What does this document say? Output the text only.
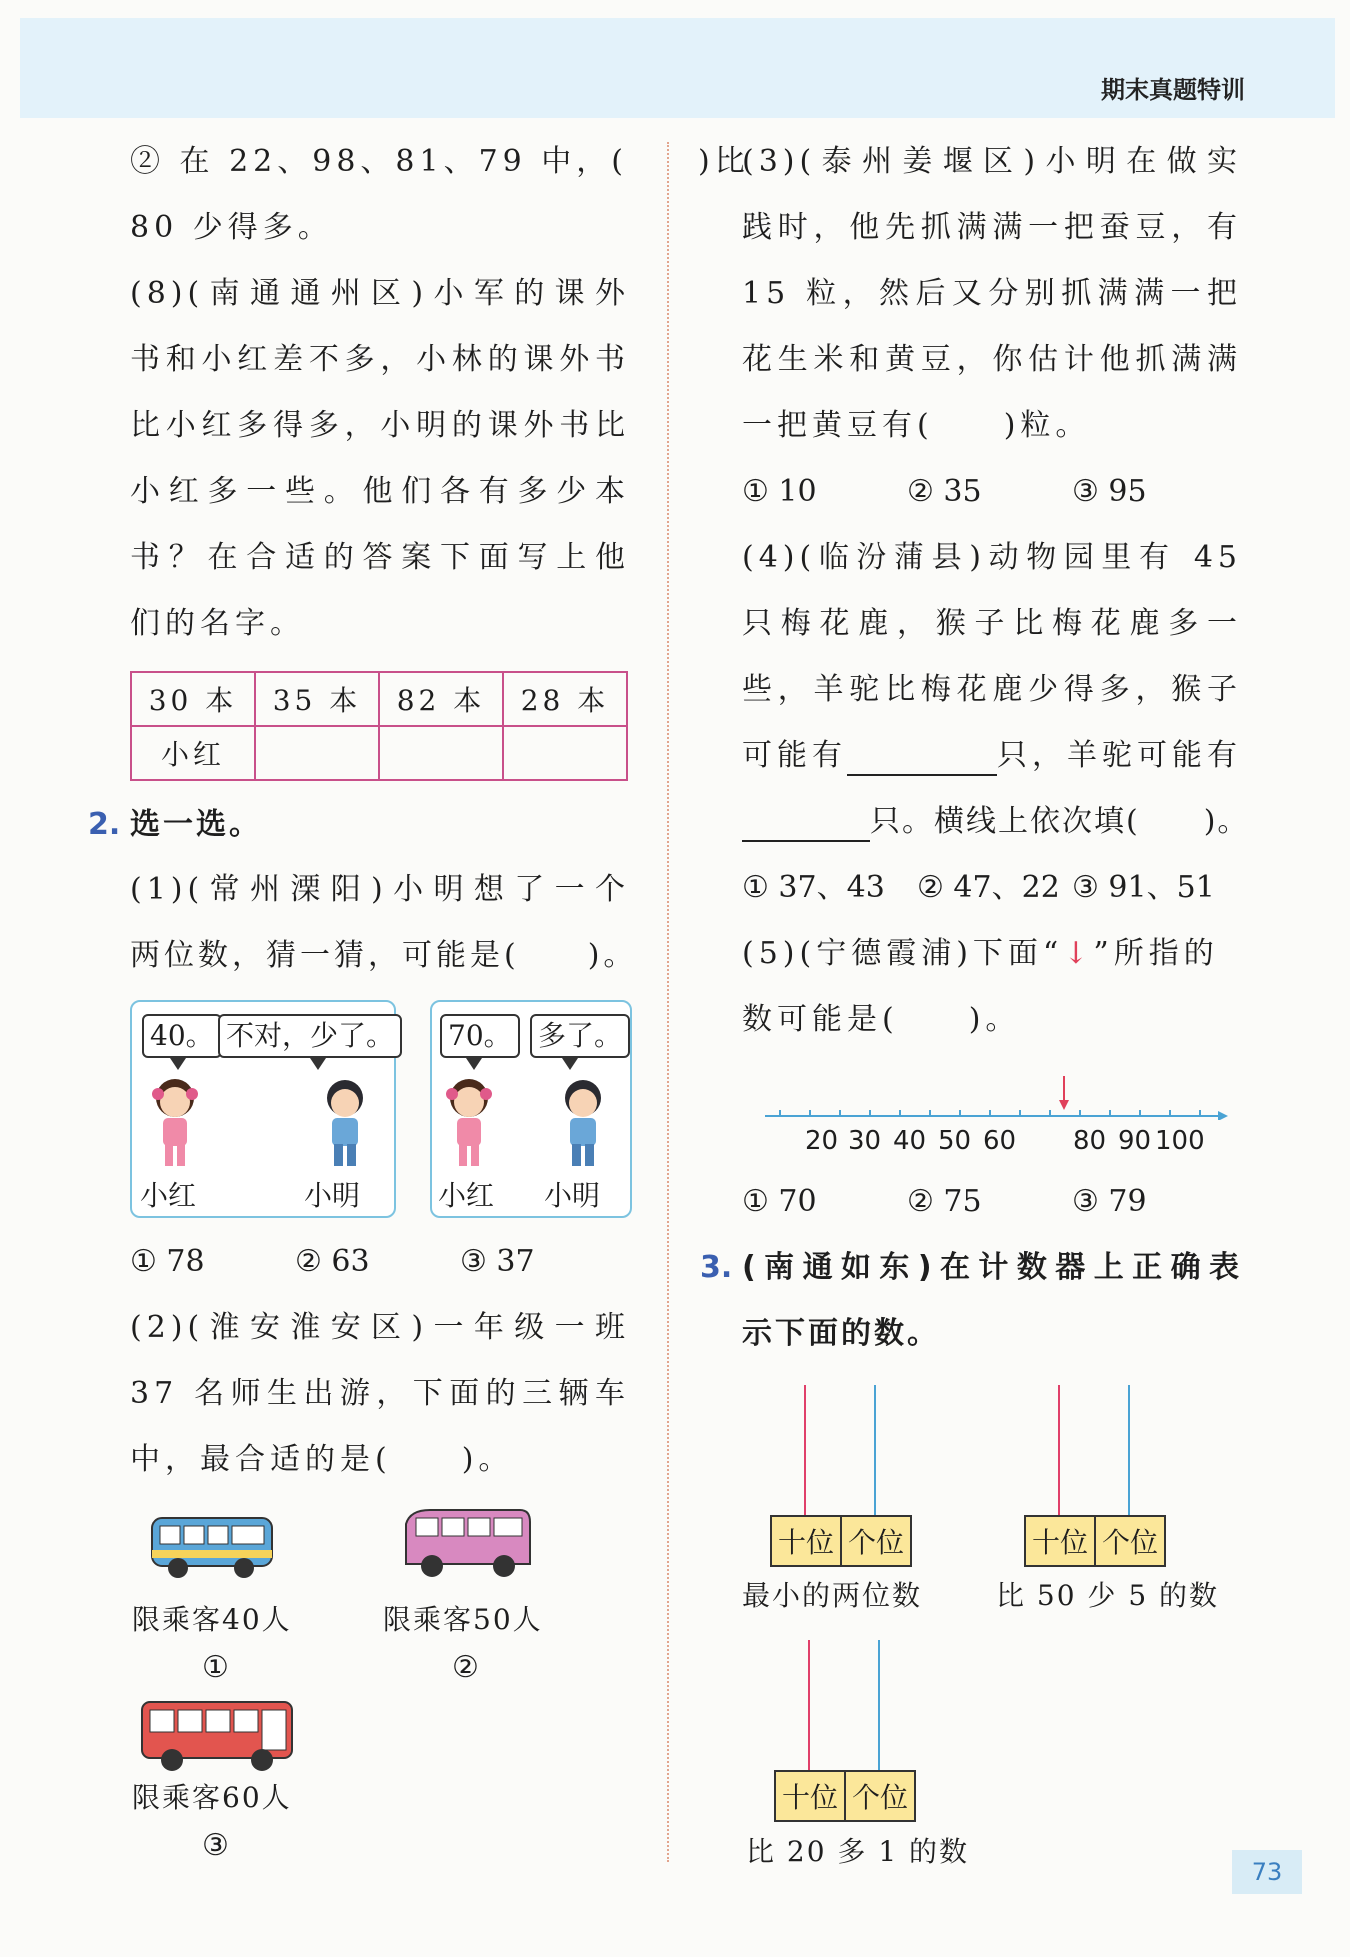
期末真题特训
② 在 22、98、81、79 中，(　　)比
80 少得多。
(8)(南通通州区)小军的课外
书和小红差不多，小林的课外书
比小红多得多，小明的课外书比
小红多一些。他们各有多少本
书？在合适的答案下面写上他
们的名字。
30 本	35 本	82 本	28 本
小红			
2. 选一选。
(1)(常州溧阳)小明想了一个
两位数，猜一猜，可能是(　　)。
40。 不对，少了。
小红	小明
70。 多了。
小红 小明
① 78	② 63	③ 37
(2)(淮安淮安区)一年级一班
37 名师生出游，下面的三辆车
中，最合适的是(　　)。
限乘客40人
①
限乘客50人
②
限乘客60人
③
(3)(泰州姜堰区)小明在做实
践时，他先抓满满一把蚕豆，有
15 粒，然后又分别抓满满一把
花生米和黄豆，你估计他抓满满
一把黄豆有(　　)粒。
① 10	② 35	③ 95
(4)(临汾蒲县)动物园里有 45
只梅花鹿，猴子比梅花鹿多一
些，羊驼比梅花鹿少得多，猴子
可能有	只，羊驼可能有
只。横线上依次填(　　)。
① 37、43 ② 47、22 ③ 91、51
(5)(宁德霞浦)下面“↓”所指的
数可能是(　　)。
20 30 40 50 60 80 90 100
① 70	② 75	③ 79
3. (南通如东)在计数器上正确表
示下面的数。
十位 个位
最小的两位数
十位 个位
比 50 少 5 的数
十位 个位
比 20 多 1 的数
73
